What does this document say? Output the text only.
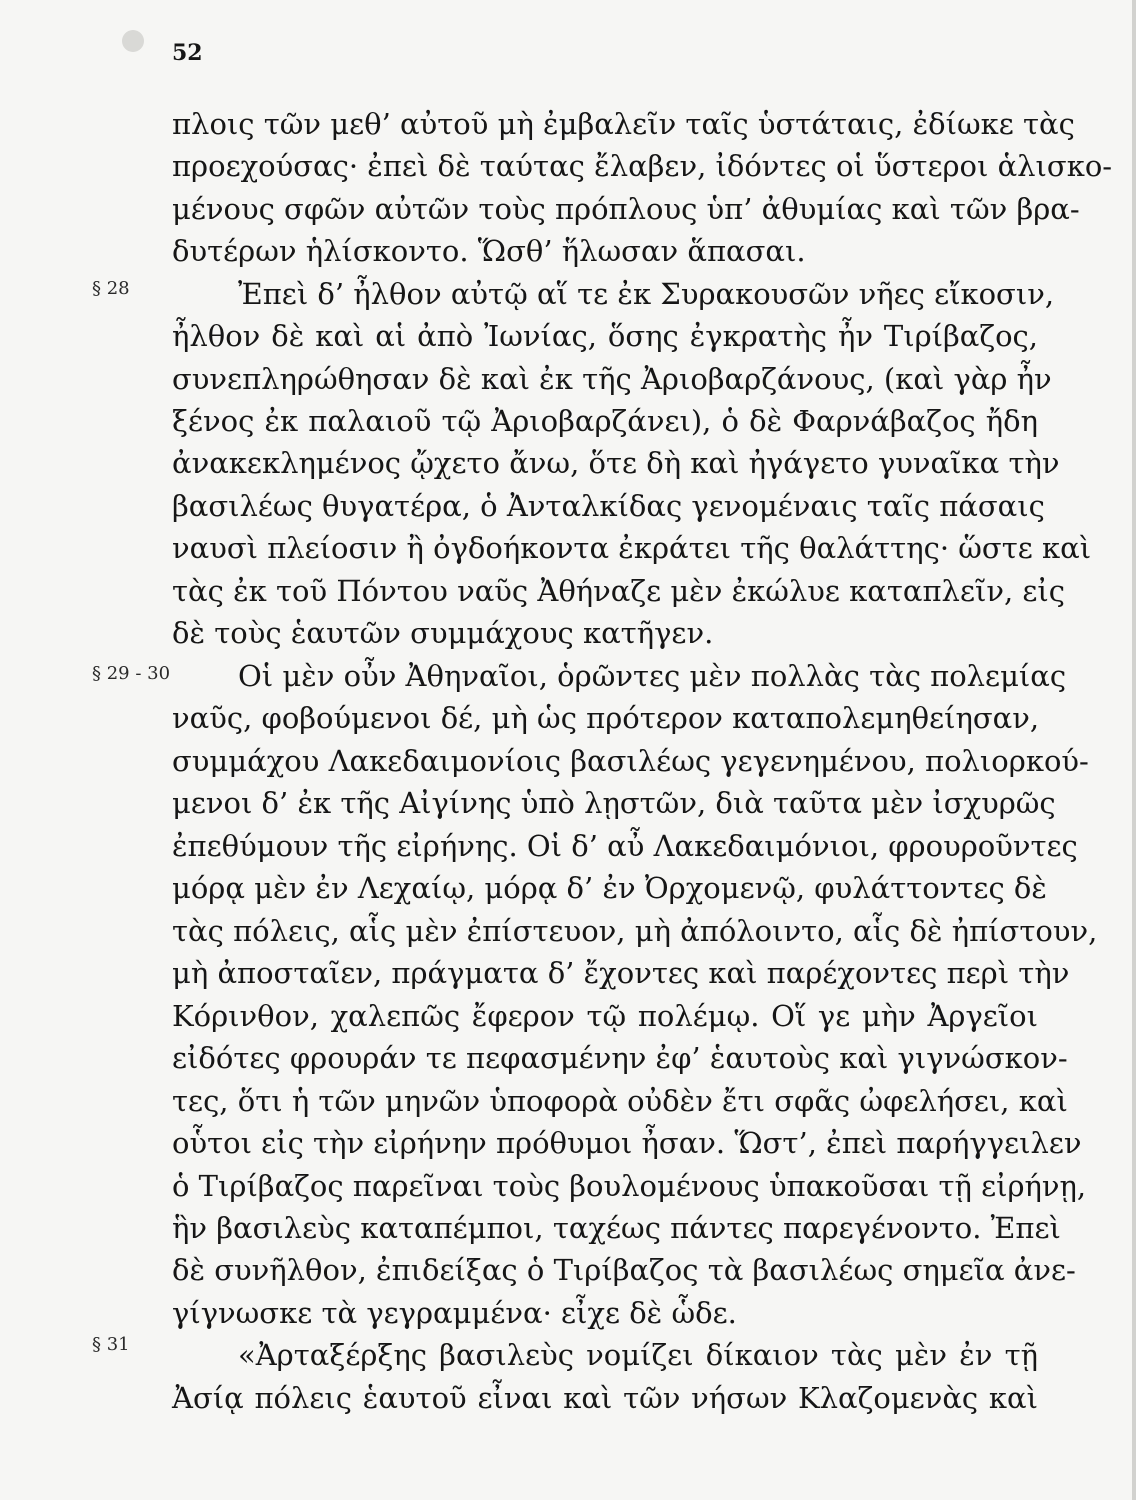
52
§ 28
§ 29 - 30
§ 31
πλοις τῶν μεθ’ αὐτοῦ μὴ ἐμβαλεῖν ταῖς ὑστάταις, ἐδίωκε τὰς
προεχούσας· ἐπεὶ δὲ ταύτας ἔλαβεν, ἰδόντες οἱ ὕστεροι ἁλισκο-
μένους σφῶν αὐτῶν τοὺς πρόπλους ὑπ’ ἀθυμίας καὶ τῶν βρα-
δυτέρων ἡλίσκοντο. Ὥσθ’ ἥλωσαν ἅπασαι.
Ἐπεὶ δ’ ἦλθον αὐτῷ αἵ τε ἐκ Συρακουσῶν νῆες εἴκοσιν,
ἦλθον δὲ καὶ αἱ ἀπὸ Ἰωνίας, ὅσης ἐγκρατὴς ἦν Τιρίβαζος,
συνεπληρώθησαν δὲ καὶ ἐκ τῆς Ἀριοβαρζάνους, (καὶ γὰρ ἦν
ξένος ἐκ παλαιοῦ τῷ Ἀριοβαρζάνει), ὁ δὲ Φαρνάβαζος ἤδη
ἀνακεκλημένος ᾤχετο ἄνω, ὅτε δὴ καὶ ἠγάγετο γυναῖκα τὴν
βασιλέως θυγατέρα, ὁ Ἀνταλκίδας γενομέναις ταῖς πάσαις
ναυσὶ πλείοσιν ἢ ὀγδοήκοντα ἐκράτει τῆς θαλάττης· ὥστε καὶ
τὰς ἐκ τοῦ Πόντου ναῦς Ἀθήναζε μὲν ἐκώλυε καταπλεῖν, εἰς
δὲ τοὺς ἑαυτῶν συμμάχους κατῆγεν.
Οἱ μὲν οὖν Ἀθηναῖοι, ὁρῶντες μὲν πολλὰς τὰς πολεμίας
ναῦς, φοβούμενοι δέ, μὴ ὡς πρότερον καταπολεμηθείησαν,
συμμάχου Λακεδαιμονίοις βασιλέως γεγενημένου, πολιορκού-
μενοι δ’ ἐκ τῆς Αἰγίνης ὑπὸ λῃστῶν, διὰ ταῦτα μὲν ἰσχυρῶς
ἐπεθύμουν τῆς εἰρήνης. Οἱ δ’ αὖ Λακεδαιμόνιοι, φρουροῦντες
μόρᾳ μὲν ἐν Λεχαίῳ, μόρᾳ δ’ ἐν Ὀρχομενῷ, φυλάττοντες δὲ
τὰς πόλεις, αἷς μὲν ἐπίστευον, μὴ ἀπόλοιντο, αἷς δὲ ἠπίστουν,
μὴ ἀποσταῖεν, πράγματα δ’ ἔχοντες καὶ παρέχοντες περὶ τὴν
Κόρινθον, χαλεπῶς ἔφερον τῷ πολέμῳ. Οἵ γε μὴν Ἀργεῖοι
εἰδότες φρουράν τε πεφασμένην ἐφ’ ἑαυτοὺς καὶ γιγνώσκον-
τες, ὅτι ἡ τῶν μηνῶν ὑποφορὰ οὐδὲν ἔτι σφᾶς ὠφελήσει, καὶ
οὗτοι εἰς τὴν εἰρήνην πρόθυμοι ἦσαν. Ὥστ’, ἐπεὶ παρήγγειλεν
ὁ Τιρίβαζος παρεῖναι τοὺς βουλομένους ὑπακοῦσαι τῇ εἰρήνῃ,
ἣν βασιλεὺς καταπέμποι, ταχέως πάντες παρεγένοντο. Ἐπεὶ
δὲ συνῆλθον, ἐπιδείξας ὁ Τιρίβαζος τὰ βασιλέως σημεῖα ἀνε-
γίγνωσκε τὰ γεγραμμένα· εἶχε δὲ ὧδε.
«Ἀρταξέρξης βασιλεὺς νομίζει δίκαιον τὰς μὲν ἐν τῇ
Ἀσίᾳ πόλεις ἑαυτοῦ εἶναι καὶ τῶν νήσων Κλαζομενὰς καὶ
